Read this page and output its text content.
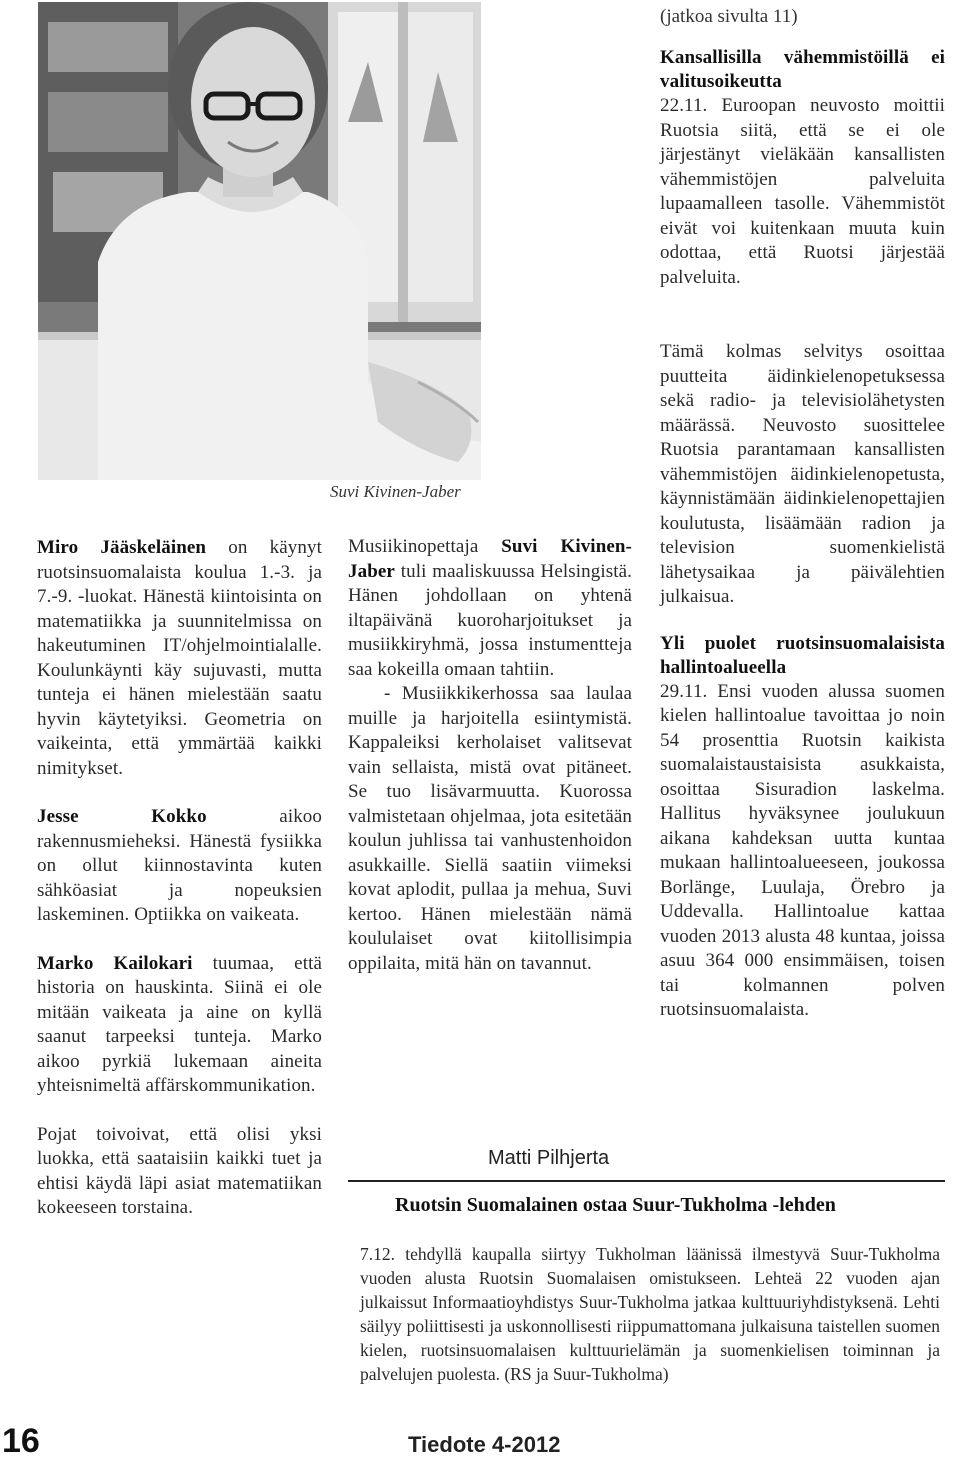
Suvi Kivinen-Jaber

Miro Jääskeläinen on käynyt ruotsinsuomalaista koulua 1.-3. ja 7.-9. -luokat. Hänestä kiintoisinta on matematiikka ja suunnitelmissa on hakeutuminen IT/ohjelmointialalle. Koulunkäynti käy sujuvasti, mutta tunteja ei hänen mielestään saatu hyvin käytetyiksi. Geometria on vaikeinta, että ymmärtää kaikki nimitykset.

Jesse Kokko aikoo rakennusmieheksi. Hänestä fysiikka on ollut kiinnostavinta kuten sähköasiat ja nopeuksien laskeminen. Optiikka on vaikeata.

Marko Kailokari tuumaa, että historia on hauskinta. Siinä ei ole mitään vaikeata ja aine on kyllä saanut tarpeeksi tunteja. Marko aikoo pyrkiä lukemaan aineita yhteisnimeltä affärskommunikation.

Pojat toivoivat, että olisi yksi luokka, että saataisiin kaikki tuet ja ehtisi käydä läpi asiat matematiikan kokeeseen torstaina.

Musiikinopettaja Suvi Kivinen-Jaber tuli maaliskuussa Helsingistä. Hänen johdollaan on yhtenä iltapäivänä kuoroharjoitukset ja musiikkiryhmä, jossa instumentteja saa kokeilla omaan tahtiin.

- Musiikkikerhossa saa laulaa muille ja harjoitella esiintymistä. Kappaleiksi kerholaiset valitsevat vain sellaista, mistä ovat pitäneet. Se tuo lisävarmuutta. Kuorossa valmistetaan ohjelmaa, jota esitetään koulun juhlissa tai vanhustenhoidon asukkaille. Siellä saatiin viimeksi kovat aplodit, pullaa ja mehua, Suvi kertoo. Hänen mielestään nämä koululaiset ovat kiitollisimpia oppilaita, mitä hän on tavannut.

Matti Pilhjerta
(jatkoa sivulta 11)
Kansallisilla vähemmistöillä ei valitusoikeutta

22.11. Euroopan neuvosto moittii Ruotsia siitä, että se ei ole järjestänyt vieläkään kansallisten vähemmistöjen palveluita lupaamalleen tasolle. Vähemmistöt eivät voi kuitenkaan muuta kuin odottaa, että Ruotsi järjestää palveluita.

Tämä kolmas selvitys osoittaa puutteita äidinkielenopetuksessa sekä radio- ja televisiolähetysten määrässä. Neuvosto suosittelee Ruotsia parantamaan kansallisten vähemmistöjen äidinkielenopetusta, käynnistämään äidinkielenopettajien koulutusta, lisäämään radion ja television suomenkielistä lähetysaikaa ja päivälehtien julkaisua.

Yli puolet ruotsinsuomalaisista hallintoalueella

29.11. Ensi vuoden alussa suomen kielen hallintoalue tavoittaa jo noin 54 prosenttia Ruotsin kaikista suomalaistaustaisista asukkaista, osoittaa Sisuradion laskelma. Hallitus hyväksynee joulukuun aikana kahdeksan uutta kuntaa mukaan hallintoalueeseen, joukossa Borlänge, Luulaja, Örebro ja Uddevalla. Hallintoalue kattaa vuoden 2013 alusta 48 kuntaa, joissa asuu 364 000 ensimmäisen, toisen tai kolmannen polven ruotsinsuomalaista.

Ruotsin Suomalainen ostaa Suur-Tukholma -lehden
7.12. tehdyllä kaupalla siirtyy Tukholman läänissä ilmestyvä Suur-Tukholma vuoden alusta Ruotsin Suomalaisen omistukseen. Lehteä 22 vuoden ajan julkaissut Informaatioyhdistys Suur-Tukholma jatkaa kulttuuriyhdistyksenä. Lehti säilyy poliittisesti ja uskonnollisesti riippumattomana julkaisuna taistellen suomen kielen, ruotsinsuomalaisen kulttuurielämän ja suomenkielisen toiminnan ja palvelujen puolesta. (RS ja Suur-Tukholma)
16	Tiedote 4-2012
